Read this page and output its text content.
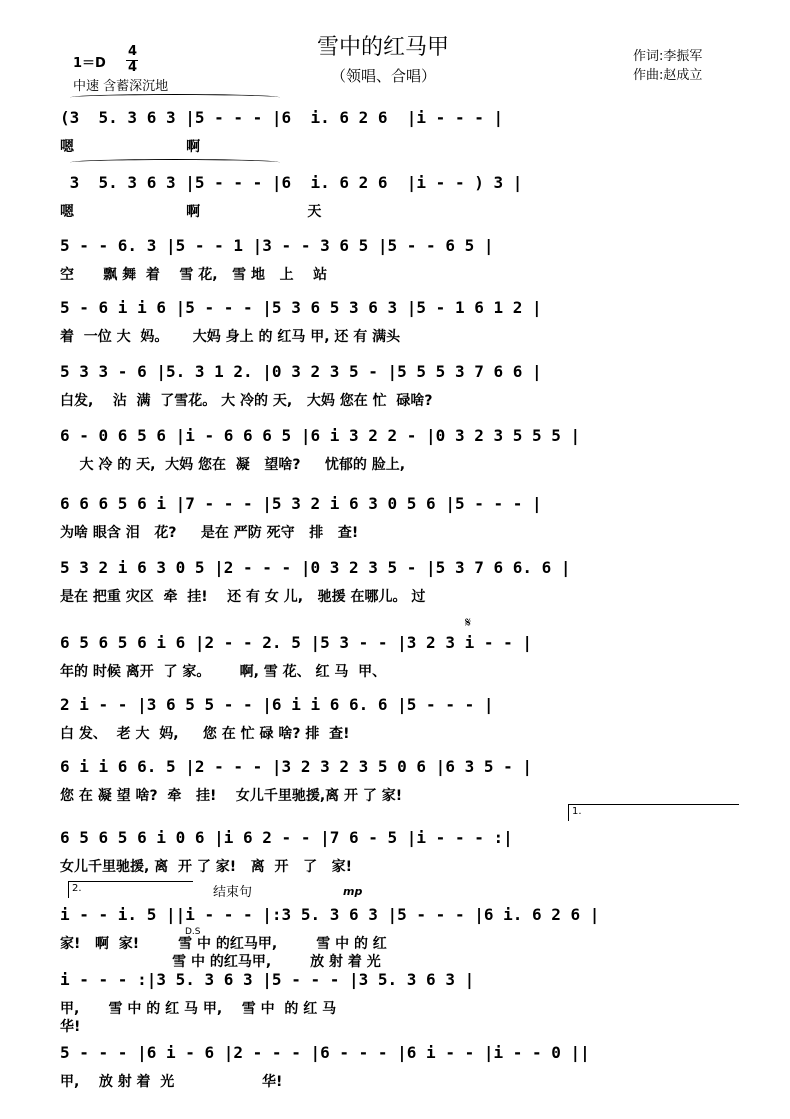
雪中的红马甲
（领唱、合唱）
1＝D
4
4
中速 含蓄深沉地
作词:李振军
作曲:赵成立
(3  5. 3 6 3 |5 - - - |6  i. 6 2 6  |i - - - |
嗯                       啊
3  5. 3 6 3 |5 - - - |6  i. 6 2 6  |i - - ) 3 |
嗯                       啊                      天
5 - - 6. 3 |5 - - 1 |3 - - 3 6 5 |5 - - 6 5 |
空      飘 舞  着    雪 花,   雪 地   上    站
5 - 6 i i 6 |5 - - - |5 3 6 5 3 6 3 |5 - 1 6 1 2 |
着  一位 大  妈。     大妈 身上 的 红马 甲, 还 有 满头
5 3 3 - 6 |5. 3 1 2. |0 3 2 3 5 - |5 5 5 3 7 6 6 |
白发,    沾  满  了雪花。 大 冷的 天,   大妈 您在 忙  碌啥?
6 - 0 6 5 6 |i - 6 6 6 5 |6 i 3 2 2 - |0 3 2 3 5 5 5 |
大 冷 的 天,  大妈 您在  凝   望啥?     忧郁的 脸上,
6 6 6 5 6 i |7 - - - |5 3 2 i 6 3 0 5 6 |5 - - - |
为啥 眼含 泪   花?     是在 严防 死守   排   查!
5 3 2 i 6 3 0 5 |2 - - - |0 3 2 3 5 - |5 3 7 6 6. 6 |
是在 把重 灾区  牵  挂!    还 有 女 儿,   驰援 在哪儿。 过
𝄋
6 5 6 5 6 i 6 |2 - - 2. 5 |5 3 - - |3 2 3 i - - |
年的 时候 离开  了 家。      啊, 雪 花、 红 马  甲、
2 i - - |3 6 5 5 - - |6 i i 6 6. 6 |5 - - - |
白 发、  老 大  妈,     您 在 忙 碌 啥? 排  查!
6 i i 6 6. 5 |2 - - - |3 2 3 2 3 5 0 6 |6 3 5 - |
您 在 凝 望 啥?  牵   挂!    女儿千里驰援,离 开 了 家!
1.
6 5 6 5 6 i 0 6 |i 6 2 - - |7 6 - 5 |i - - - :|
女儿千里驰援, 离  开 了 家!   离  开   了   家!
2.	结束句	mp
D.S
i - - i. 5 ||i - - - |:3 5. 3 6 3 |5 - - - |6 i. 6 2 6 |
家!   啊  家!        雪 中 的红马甲,        雪 中 的 红
雪 中 的红马甲,        放 射 着 光
i - - - :|3 5. 3 6 3 |5 - - - |3 5. 3 6 3 |
甲,      雪 中 的 红 马 甲,    雪 中  的 红 马
华!
5 - - - |6 i - 6 |2 - - - |6 - - - |6 i - - |i - - 0 ||
甲,    放 射 着  光                  华!
